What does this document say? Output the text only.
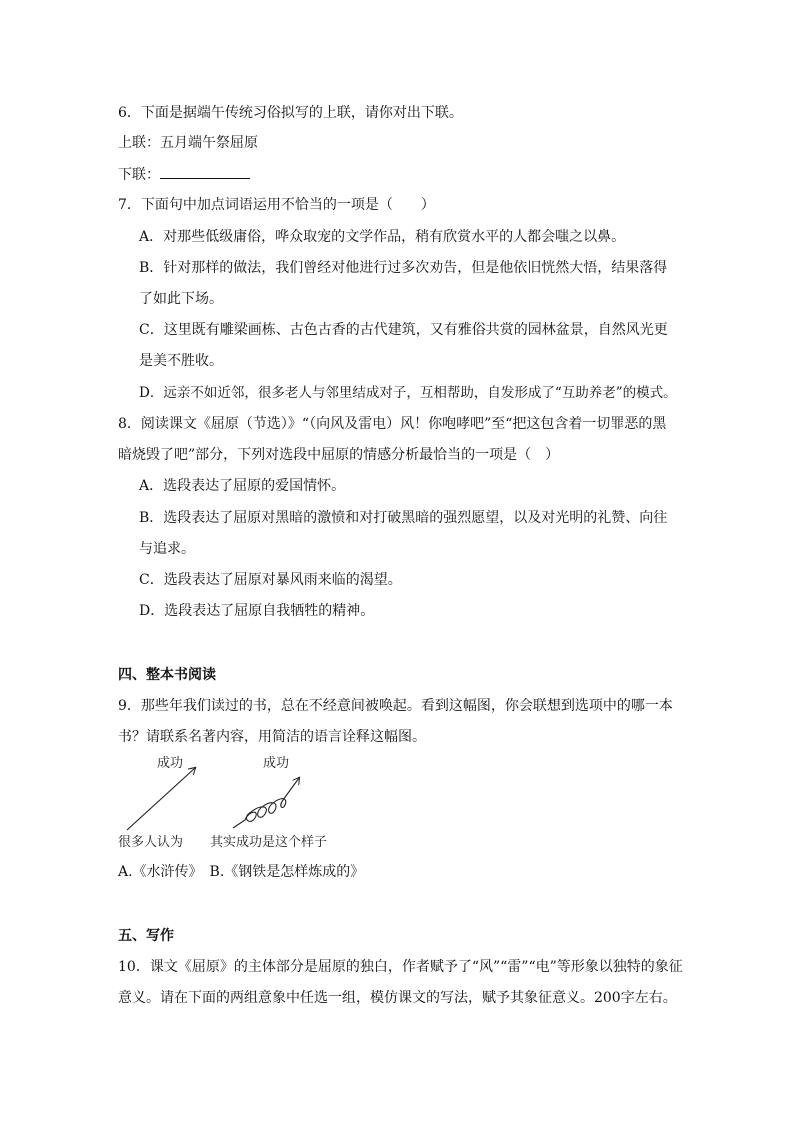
6．下面是据端午传统习俗拟写的上联，请你对出下联。
上联：五月端午祭屈原
下联：
7．下面句中加点词语运用不恰当的一项是（　　）
A．对那些低级庸俗，哗众取宠的文学作品，稍有欣赏水平的人都会嗤之以鼻。
B．针对那样的做法，我们曾经对他进行过多次劝告，但是他依旧恍然大悟，结果落得
了如此下场。
C．这里既有雕梁画栋、古色古香的古代建筑，又有雅俗共赏的园林盆景，自然风光更
是美不胜收。
D．远亲不如近邻，很多老人与邻里结成对子，互相帮助，自发形成了“互助养老”的模式。
8．阅读课文《屈原（节选）》“（向风及雷电）风！你咆哮吧”至“把这包含着一切罪恶的黑
暗烧毁了吧”部分，下列对选段中屈原的情感分析最恰当的一项是（　）
A．选段表达了屈原的爱国情怀。
B．选段表达了屈原对黑暗的激愤和对打破黑暗的强烈愿望，以及对光明的礼赞、向往
与追求。
C．选段表达了屈原对暴风雨来临的渴望。
D．选段表达了屈原自我牺牲的精神。
四、整本书阅读
9．那些年我们读过的书，总在不经意间被唤起。看到这幅图，你会联想到选项中的哪一本
书？请联系名著内容，用简洁的语言诠释这幅图。
成功	成功
很多人认为 其实成功是这个样子
A.《水浒传》　B.《钢铁是怎样炼成的》
五、写作
10．课文《屈原》的主体部分是屈原的独白，作者赋予了“风”“雷”“电”等形象以独特的象征
意义。请在下面的两组意象中任选一组，模仿课文的写法，赋予其象征意义。200字左右。
